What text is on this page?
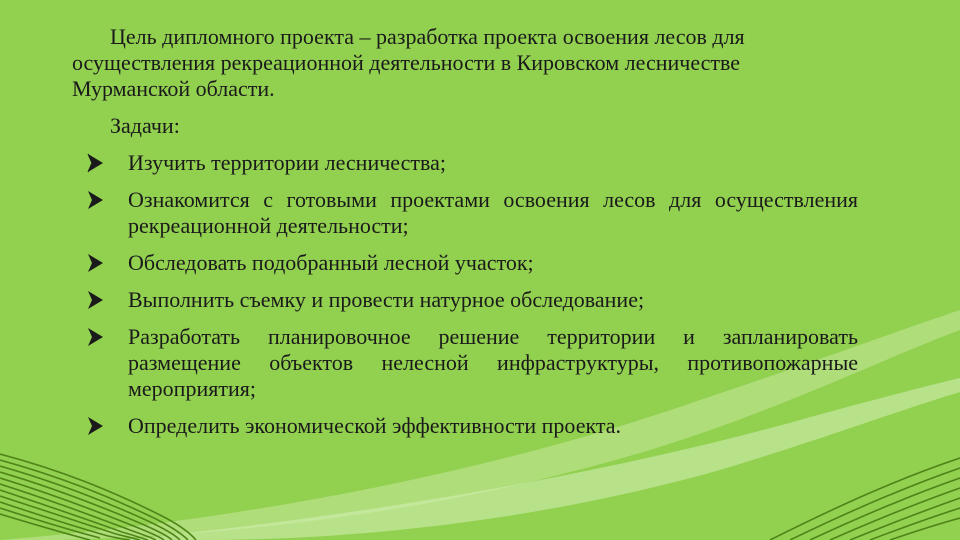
Цель дипломного проекта – разработка проекта освоения лесов для осуществления рекреационной деятельности в Кировском лесничестве Мурманской области.

Задачи:
Изучить территории лесничества;
Ознакомится с готовыми проектами освоения лесов для осуществления рекреационной деятельности;
Обследовать подобранный лесной участок;
Выполнить съемку и провести натурное обследование;
Разработать планировочное решение территории и запланировать размещение объектов нелесной инфраструктуры, противопожарные мероприятия;
Определить экономической эффективности проекта.
